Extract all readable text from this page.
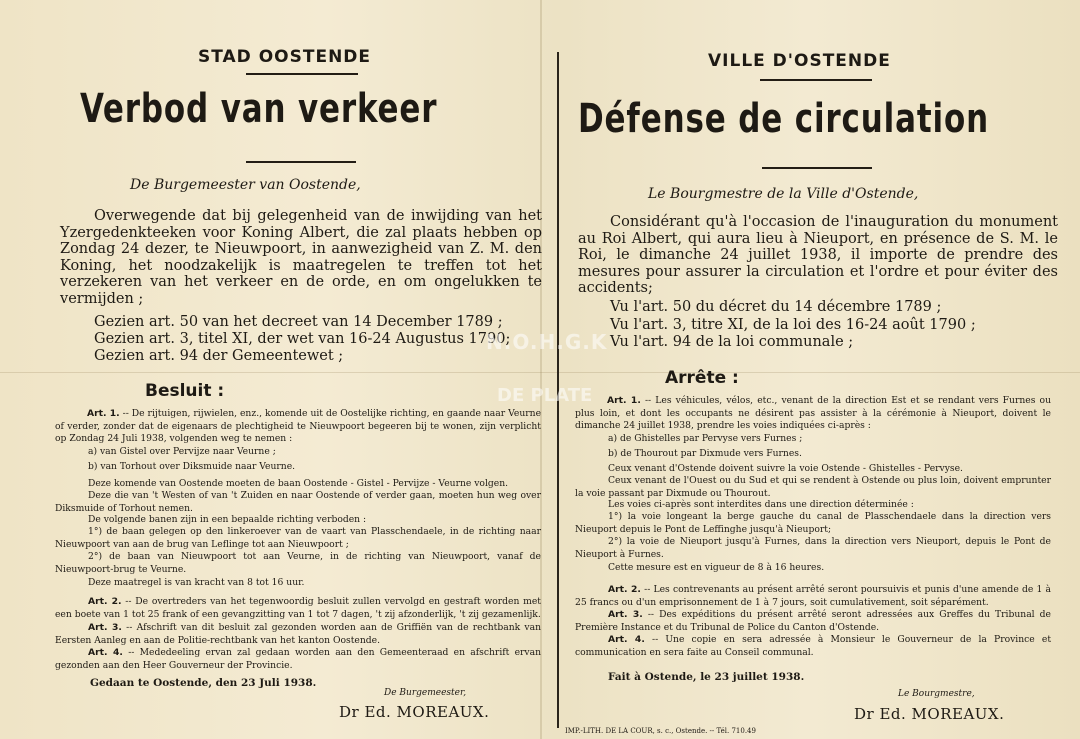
STAD OOSTENDE
Verbod van verkeer
De Burgemeester van Oostende,
Overwegende dat bij gelegenheid van de inwijding van het Yzergedenkteeken voor Koning Albert, die zal plaats hebben op Zondag 24 dezer, te Nieuwpoort, in aanwezigheid van Z. M. den Koning, het noodzakelijk is maatregelen te treffen tot het verzekeren van het verkeer en de orde, en om ongelukken te vermijden ;
Gezien art. 50 van het decreet van 14 December 1789 ;
Gezien art. 3, titel XI, der wet van 16-24 Augustus 1790;
Gezien art. 94 der Gemeentewet ;
Besluit :
Art. 1. -- De rijtuigen, rijwielen, enz., komende uit de Oostelijke richting, en gaande naar Veurne of verder, zonder dat de eigenaars de plechtigheid te Nieuwpoort begeeren bij te wonen, zijn verplicht op Zondag 24 Juli 1938, volgenden weg te nemen :
a) van Gistel over Pervijze naar Veurne ;
b) van Torhout over Diksmuide naar Veurne.
Deze komende van Oostende moeten de baan Oostende - Gistel - Pervijze - Veurne volgen.
Deze die van 't Westen of van 't Zuiden en naar Oostende of verder gaan, moeten hun weg over Diksmuide of Torhout nemen.
De volgende banen zijn in een bepaalde richting verboden :
1°) de baan gelegen op den linkeroever van de vaart van Plasschendaele, in de richting naar Nieuwpoort van aan de brug van Leflinge tot aan Nieuwpoort ;
2°) de baan van Nieuwpoort tot aan Veurne, in de richting van Nieuwpoort, vanaf de Nieuwpoort-brug te Veurne.
Deze maatregel is van kracht van 8 tot 16 uur.
Art. 2. -- De overtreders van het tegenwoordig besluit zullen vervolgd en gestraft worden met een boete van 1 tot 25 frank of een gevangzitting van 1 tot 7 dagen, 't zij afzonderlijk, 't zij gezamenlijk.
Art. 3. -- Afschrift van dit besluit zal gezonden worden aan de Griffiën van de rechtbank van Eersten Aanleg en aan de Politie-rechtbank van het kanton Oostende.
Art. 4. -- Mededeeling ervan zal gedaan worden aan den Gemeenteraad en afschrift ervan gezonden aan den Heer Gouverneur der Provincie.
Gedaan te Oostende, den 23 Juli 1938.
De Burgemeester,
Dr Ed. MOREAUX.
VILLE D'OSTENDE
Défense de circulation
Le Bourgmestre de la Ville d'Ostende,
Considérant qu'à l'occasion de l'inauguration du monument au Roi Albert, qui aura lieu à Nieuport, en présence de S. M. le Roi, le dimanche 24 juillet 1938, il importe de prendre des mesures pour assurer la circulation et l'ordre et pour éviter des accidents;
Vu l'art. 50 du décret du 14 décembre 1789 ;
Vu l'art. 3, titre XI, de la loi des 16-24 août 1790 ;
Vu l'art. 94 de la loi communale ;
Arrête :
Art. 1. -- Les véhicules, vélos, etc., venant de la direction Est et se rendant vers Furnes ou plus loin, et dont les occupants ne désirent pas assister à la cérémonie à Nieuport, doivent le dimanche 24 juillet 1938, prendre les voies indiquées ci-après :
a) de Ghistelles par Pervyse vers Furnes ;
b) de Thourout par Dixmude vers Furnes.
Ceux venant d'Ostende doivent suivre la voie Ostende - Ghistelles - Pervyse.
Ceux venant de l'Ouest ou du Sud et qui se rendent à Ostende ou plus loin, doivent emprunter la voie passant par Dixmude ou Thourout.
Les voies ci-après sont interdites dans une direction déterminée :
1°) la voie longeant la berge gauche du canal de Plasschendaele dans la direction vers Nieuport depuis le Pont de Leffinghe jusqu'à Nieuport;
2°) la voie de Nieuport jusqu'à Furnes, dans la direction vers Nieuport, depuis le Pont de Nieuport à Furnes.
Cette mesure est en vigueur de 8 à 16 heures.
Art. 2. -- Les contrevenants au présent arrêté seront poursuivis et punis d'une amende de 1 à 25 francs ou d'un emprisonnement de 1 à 7 jours, soit cumulativement, soit séparément.
Art. 3. -- Des expéditions du présent arrêté seront adressées aux Greffes du Tribunal de Première Instance et du Tribunal de Police du Canton d'Ostende.
Art. 4. -- Une copie en sera adressée à Monsieur le Gouverneur de la Province et communication en sera faite au Conseil communal.
Fait à Ostende, le 23 juillet 1938.
Le Bourgmestre,
Dr Ed. MOREAUX.
IMP.-LITH. DE LA COUR, s. c., Ostende. -- Tél. 710.49
N.O.H.G.K
DE PLATE
